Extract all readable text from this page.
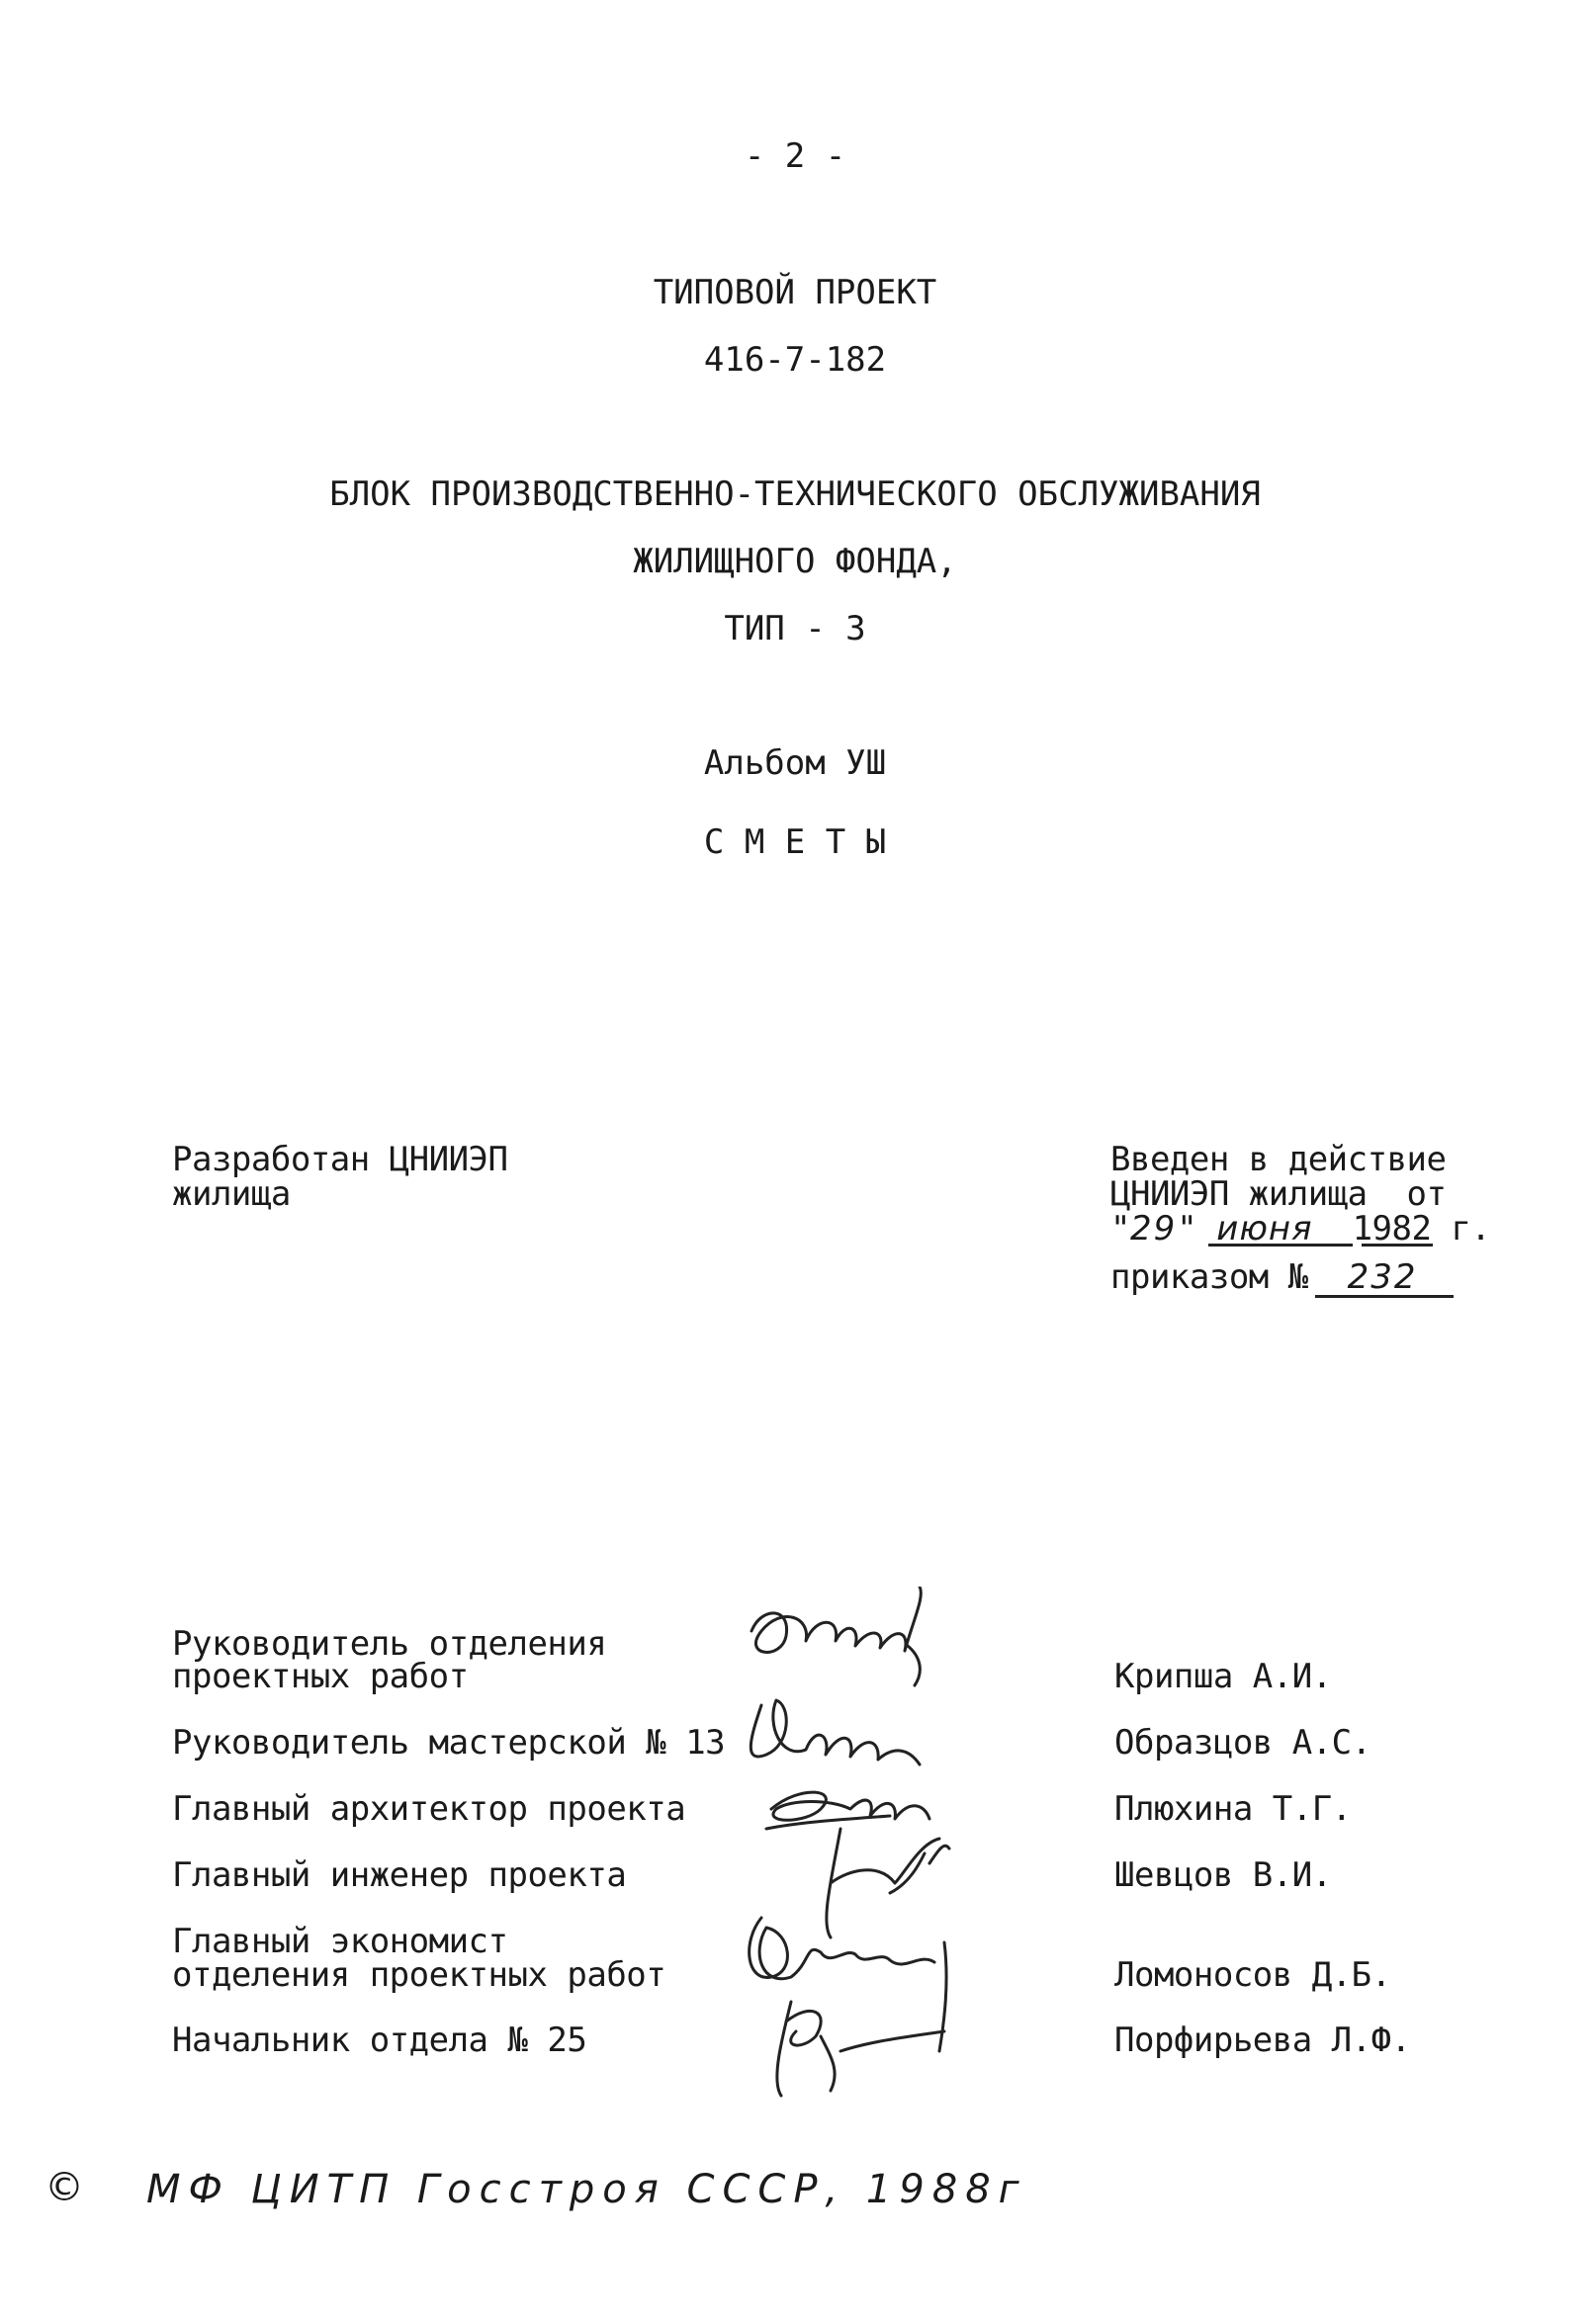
- 2 -
ТИПОВОЙ ПРОЕКТ
416-7-182
БЛОК ПРОИЗВОДСТВЕННО-ТЕХНИЧЕСКОГО ОБСЛУЖИВАНИЯ
ЖИЛИЩНОГО ФОНДА,
ТИП - 3
Альбом УШ
С М Е Т Ы
Разработан ЦНИИЭП
жилища
Введен в действие
ЦНИИЭП жилища  от
"29" июня 1982 г.
приказом № 232
Руководитель отделения
проектных работ	Крипша А.И.
Руководитель мастерской № 13	Образцов А.С.
Главный архитектор проекта	Плюхина Т.Г.
Главный инженер проекта	Шевцов В.И.
Главный экономист
отделения проектных работ	Ломоносов Д.Б.
Начальник отдела № 25	Порфирьева Л.Ф.
© МФ ЦИТП Госстроя СССР, 1988г
